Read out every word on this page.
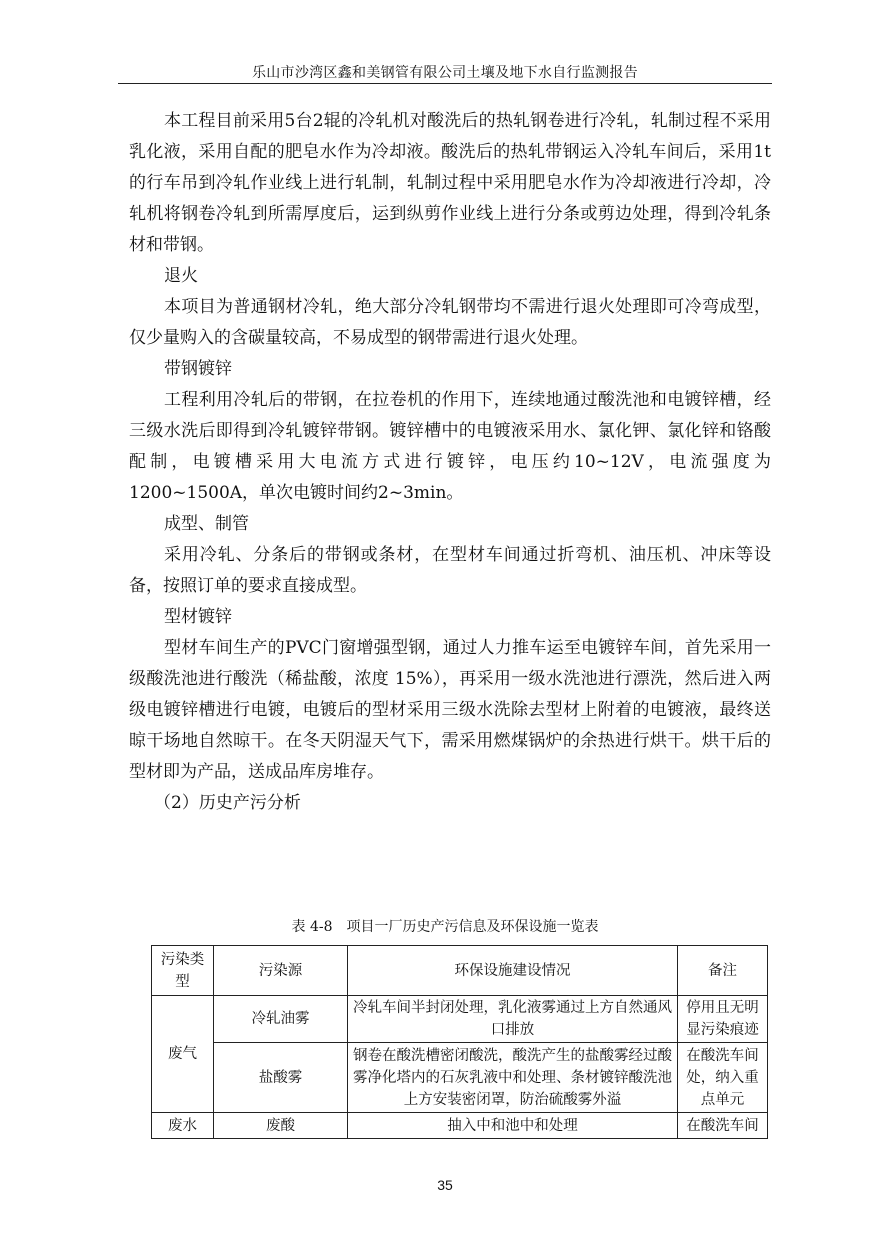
乐山市沙湾区鑫和美钢管有限公司土壤及地下水自行监测报告

本工程目前采用5台2辊的冷轧机对酸洗后的热轧钢卷进行冷轧，轧制过程不采用乳化液，采用自配的肥皂水作为冷却液。酸洗后的热轧带钢运入冷轧车间后，采用1t的行车吊到冷轧作业线上进行轧制，轧制过程中采用肥皂水作为冷却液进行冷却，冷轧机将钢卷冷轧到所需厚度后，运到纵剪作业线上进行分条或剪边处理，得到冷轧条材和带钢。

退火

本项目为普通钢材冷轧，绝大部分冷轧钢带均不需进行退火处理即可冷弯成型，仅少量购入的含碳量较高，不易成型的钢带需进行退火处理。

带钢镀锌

工程利用冷轧后的带钢，在拉卷机的作用下，连续地通过酸洗池和电镀锌槽，经三级水洗后即得到冷轧镀锌带钢。镀锌槽中的电镀液采用水、氯化钾、氯化锌和铬酸配制，电镀槽采用大电流方式进行镀锌，电压约10~12V，电流强度为1200~1500A，单次电镀时间约2~3min。

成型、制管

采用冷轧、分条后的带钢或条材，在型材车间通过折弯机、油压机、冲床等设备，按照订单的要求直接成型。

型材镀锌

型材车间生产的PVC门窗增强型钢，通过人力推车运至电镀锌车间，首先采用一级酸洗池进行酸洗（稀盐酸，浓度 15%），再采用一级水洗池进行漂洗，然后进入两级电镀锌槽进行电镀，电镀后的型材采用三级水洗除去型材上附着的电镀液，最终送晾干场地自然晾干。在冬天阴湿天气下，需采用燃煤锅炉的余热进行烘干。烘干后的型材即为产品，送成品库房堆存。

（2）历史产污分析

表 4-8　项目一厂历史产污信息及环保设施一览表
污染类型	污染源	环保设施建设情况	备注
废气	冷轧油雾	冷轧车间半封闭处理，乳化液雾通过上方自然通风口排放	停用且无明显污染痕迹
	盐酸雾	钢卷在酸洗槽密闭酸洗，酸洗产生的盐酸雾经过酸雾净化塔内的石灰乳液中和处理、条材镀锌酸洗池上方安装密闭罩，防治硫酸雾外溢	在酸洗车间处，纳入重点单元
废水	废酸	抽入中和池中和处理	在酸洗车间
35
